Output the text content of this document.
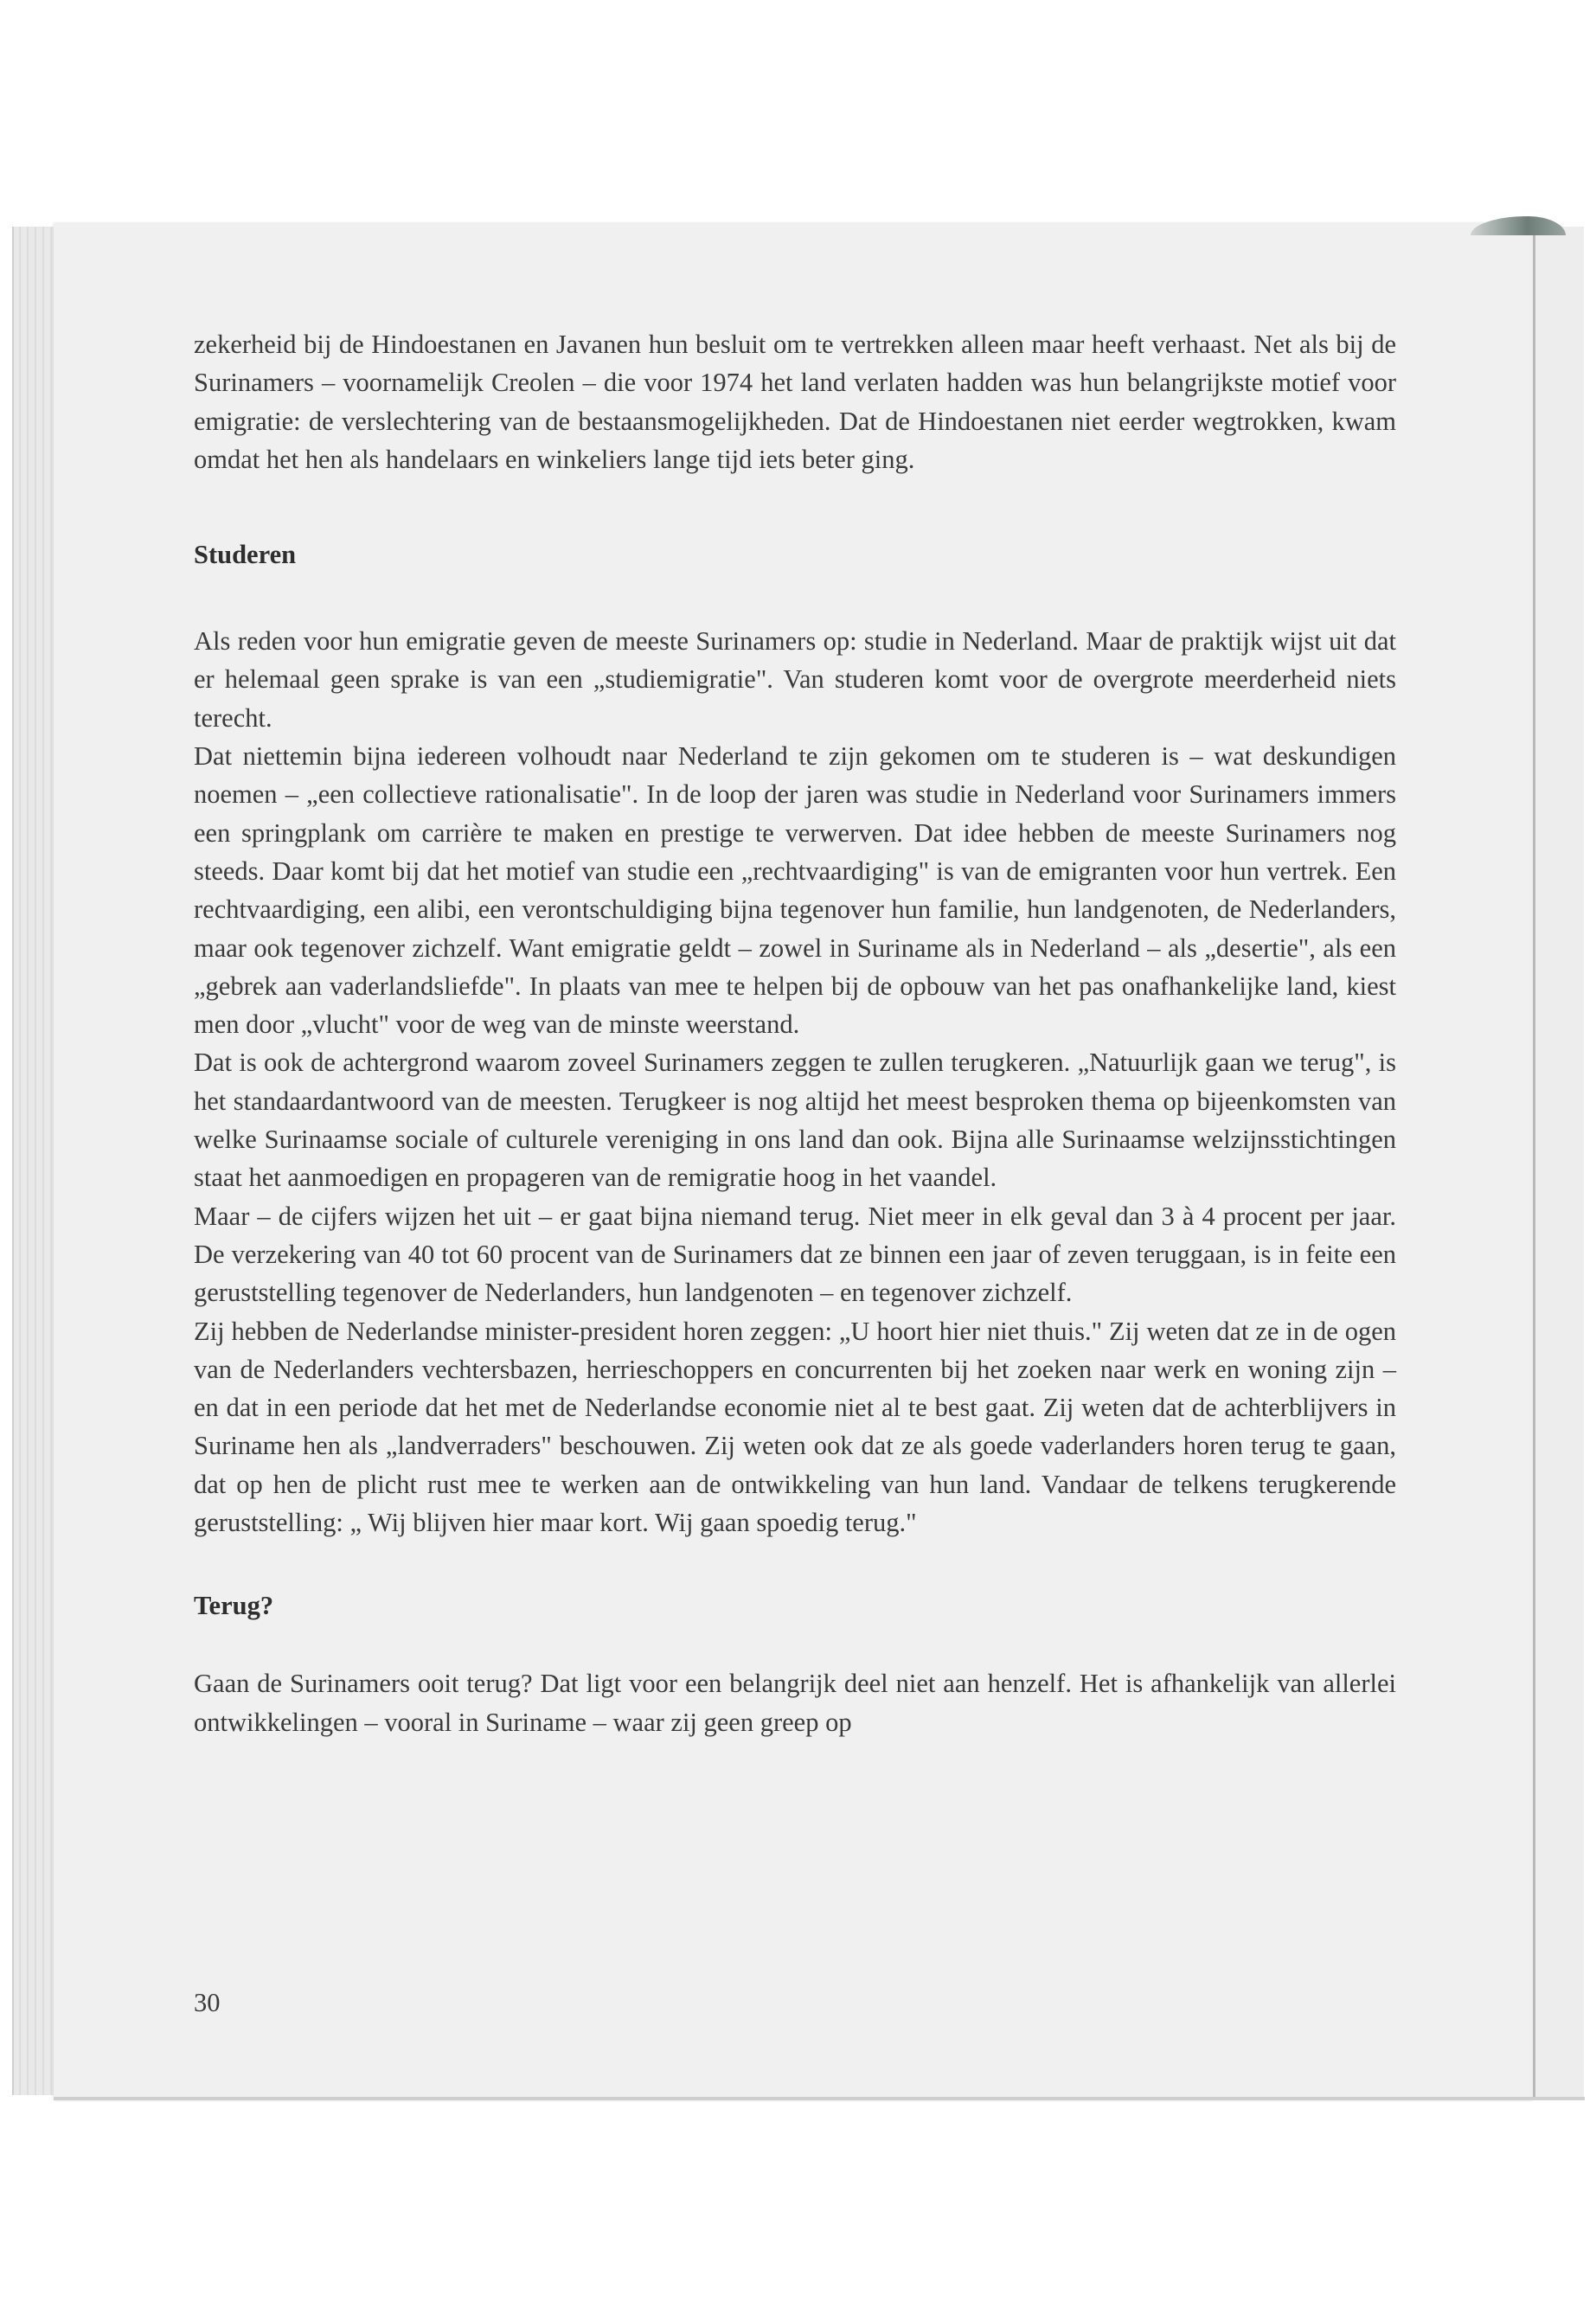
zekerheid bij de Hindoestanen en Javanen hun besluit om te vertrekken alleen maar heeft verhaast. Net als bij de Surinamers – voornamelijk Creolen – die voor 1974 het land verlaten hadden was hun belangrijkste motief voor emigratie: de verslechtering van de bestaansmogelijkheden. Dat de Hindoestanen niet eerder wegtrokken, kwam omdat het hen als handelaars en winkeliers lange tijd iets beter ging.

Studeren

Als reden voor hun emigratie geven de meeste Surinamers op: studie in Nederland. Maar de praktijk wijst uit dat er helemaal geen sprake is van een „studiemigratie". Van studeren komt voor de overgrote meerderheid niets terecht.

Dat niettemin bijna iedereen volhoudt naar Nederland te zijn gekomen om te studeren is – wat deskundigen noemen – „een collectieve rationalisatie". In de loop der jaren was studie in Nederland voor Surinamers immers een springplank om carrière te maken en prestige te verwerven. Dat idee hebben de meeste Surinamers nog steeds. Daar komt bij dat het motief van studie een „rechtvaardiging" is van de emigranten voor hun vertrek. Een rechtvaardiging, een alibi, een verontschuldiging bijna tegenover hun familie, hun landgenoten, de Nederlanders, maar ook tegenover zichzelf. Want emigratie geldt – zowel in Suriname als in Nederland – als „desertie", als een „gebrek aan vaderlandsliefde". In plaats van mee te helpen bij de opbouw van het pas onafhankelijke land, kiest men door „vlucht" voor de weg van de minste weerstand.

Dat is ook de achtergrond waarom zoveel Surinamers zeggen te zullen terugkeren. „Natuurlijk gaan we terug", is het standaardantwoord van de meesten. Terugkeer is nog altijd het meest besproken thema op bijeenkomsten van welke Surinaamse sociale of culturele vereniging in ons land dan ook. Bijna alle Surinaamse welzijnsstichtingen staat het aanmoedigen en propageren van de remigratie hoog in het vaandel.

Maar – de cijfers wijzen het uit – er gaat bijna niemand terug. Niet meer in elk geval dan 3 à 4 procent per jaar. De verzekering van 40 tot 60 procent van de Surinamers dat ze binnen een jaar of zeven teruggaan, is in feite een geruststelling tegenover de Nederlanders, hun landgenoten – en tegenover zichzelf.

Zij hebben de Nederlandse minister-president horen zeggen: „U hoort hier niet thuis." Zij weten dat ze in de ogen van de Nederlanders vechtersbazen, herrieschoppers en concurrenten bij het zoeken naar werk en woning zijn – en dat in een periode dat het met de Nederlandse economie niet al te best gaat. Zij weten dat de achterblijvers in Suriname hen als „landverraders" beschouwen. Zij weten ook dat ze als goede vaderlanders horen terug te gaan, dat op hen de plicht rust mee te werken aan de ontwikkeling van hun land. Vandaar de telkens terugkerende geruststelling: „ Wij blijven hier maar kort. Wij gaan spoedig terug."

Terug?

Gaan de Surinamers ooit terug? Dat ligt voor een belangrijk deel niet aan henzelf. Het is afhankelijk van allerlei ontwikkelingen – vooral in Suriname – waar zij geen greep op

30
